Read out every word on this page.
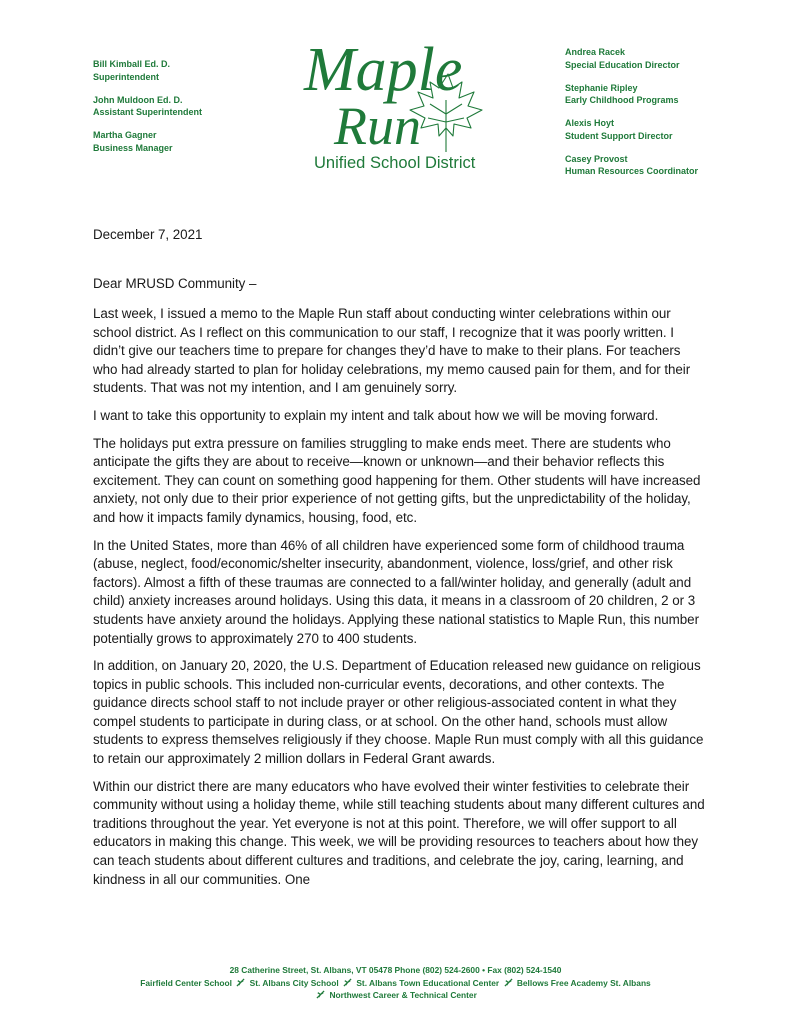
Bill Kimball Ed. D.
Superintendent
John Muldoon Ed. D.
Assistant Superintendent
Martha Gagner
Business Manager
Maple
Run
Unified School District
Andrea Racek
Special Education Director
Stephanie Ripley
Early Childhood Programs
Alexis Hoyt
Student Support Director
Casey Provost
Human Resources Coordinator
December 7, 2021
Dear MRUSD Community –

Last week, I issued a memo to the Maple Run staff about conducting winter celebrations within our school district. As I reflect on this communication to our staff, I recognize that it was poorly written. I didn’t give our teachers time to prepare for changes they’d have to make to their plans. For teachers who had already started to plan for holiday celebrations, my memo caused pain for them, and for their students. That was not my intention, and I am genuinely sorry.

I want to take this opportunity to explain my intent and talk about how we will be moving forward.

The holidays put extra pressure on families struggling to make ends meet. There are students who anticipate the gifts they are about to receive—known or unknown—and their behavior reflects this excitement. They can count on something good happening for them. Other students will have increased anxiety, not only due to their prior experience of not getting gifts, but the unpredictability of the holiday, and how it impacts family dynamics, housing, food, etc.

In the United States, more than 46% of all children have experienced some form of childhood trauma (abuse, neglect, food/economic/shelter insecurity, abandonment, violence, loss/grief, and other risk factors). Almost a fifth of these traumas are connected to a fall/winter holiday, and generally (adult and child) anxiety increases around holidays. Using this data, it means in a classroom of 20 children, 2 or 3 students have anxiety around the holidays. Applying these national statistics to Maple Run, this number potentially grows to approximately 270 to 400 students.

In addition, on January 20, 2020, the U.S. Department of Education released new guidance on religious topics in public schools. This included non-curricular events, decorations, and other contexts. The guidance directs school staff to not include prayer or other religious-associated content in what they compel students to participate in during class, or at school. On the other hand, schools must allow students to express themselves religiously if they choose. Maple Run must comply with all this guidance to retain our approximately 2 million dollars in Federal Grant awards.

Within our district there are many educators who have evolved their winter festivities to celebrate their community without using a holiday theme, while still teaching students about many different cultures and traditions throughout the year. Yet everyone is not at this point. Therefore, we will offer support to all educators in making this change. This week, we will be providing resources to teachers about how they can teach students about different cultures and traditions, and celebrate the joy, caring, learning, and kindness in all our communities. One

28 Catherine Street, St. Albans, VT 05478 Phone (802) 524-2600 • Fax (802) 524-1540
Fairfield Center School St. Albans City School St. Albans Town Educational Center Bellows Free Academy St. Albans
Northwest Career & Technical Center
